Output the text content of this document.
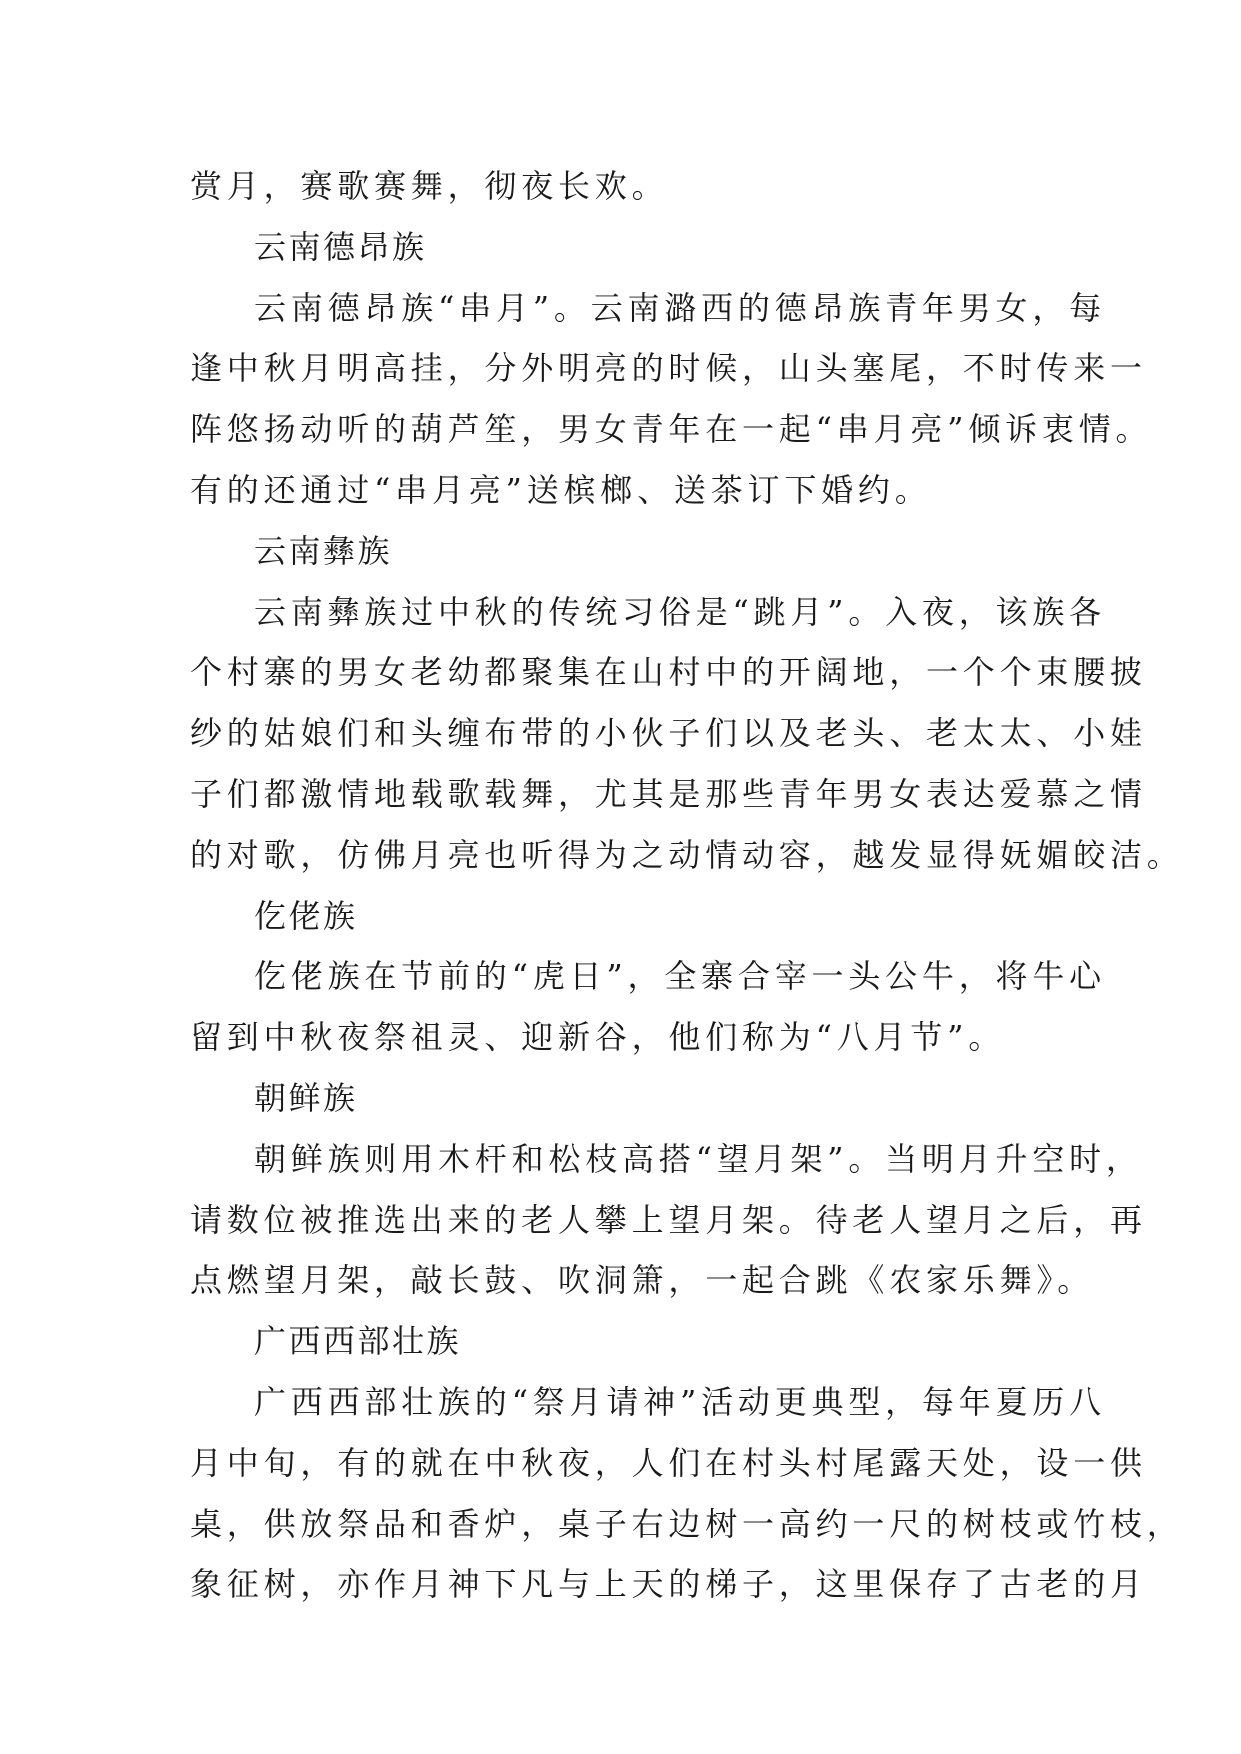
赏月，赛歌赛舞，彻夜长欢。
云南德昂族
云南德昂族“串月”。云南潞西的德昂族青年男女，每
逢中秋月明高挂，分外明亮的时候，山头塞尾，不时传来一
阵悠扬动听的葫芦笙，男女青年在一起“串月亮”倾诉衷情。
有的还通过“串月亮”送槟榔、送茶订下婚约。
云南彝族
云南彝族过中秋的传统习俗是“跳月”。入夜，该族各
个村寨的男女老幼都聚集在山村中的开阔地，一个个束腰披
纱的姑娘们和头缠布带的小伙子们以及老头、老太太、小娃
子们都激情地载歌载舞，尤其是那些青年男女表达爱慕之情
的对歌，仿佛月亮也听得为之动情动容，越发显得妩媚皎洁。
仡佬族
仡佬族在节前的“虎日”，全寨合宰一头公牛，将牛心
留到中秋夜祭祖灵、迎新谷，他们称为“八月节”。
朝鲜族
朝鲜族则用木杆和松枝高搭“望月架”。当明月升空时，
请数位被推选出来的老人攀上望月架。待老人望月之后，再
点燃望月架，敲长鼓、吹洞箫，一起合跳《农家乐舞》。
广西西部壮族
广西西部壮族的“祭月请神”活动更典型，每年夏历八
月中旬，有的就在中秋夜，人们在村头村尾露天处，设一供
桌，供放祭品和香炉，桌子右边树一高约一尺的树枝或竹枝，
象征树，亦作月神下凡与上天的梯子，这里保存了古老的月
